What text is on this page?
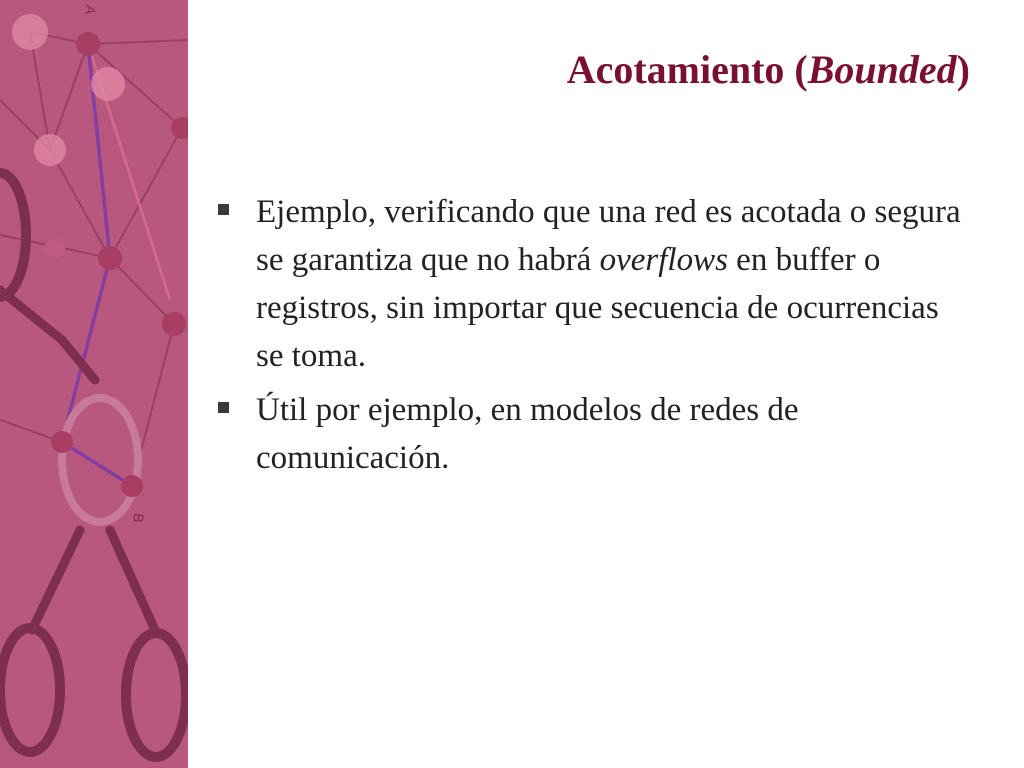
A
B
Acotamiento (Bounded)
Ejemplo, verificando que una red es acotada o segura se garantiza que no habrá overflows en buffer o registros, sin importar que secuencia de ocurrencias se toma.
Útil por ejemplo, en modelos de redes de comunicación.
